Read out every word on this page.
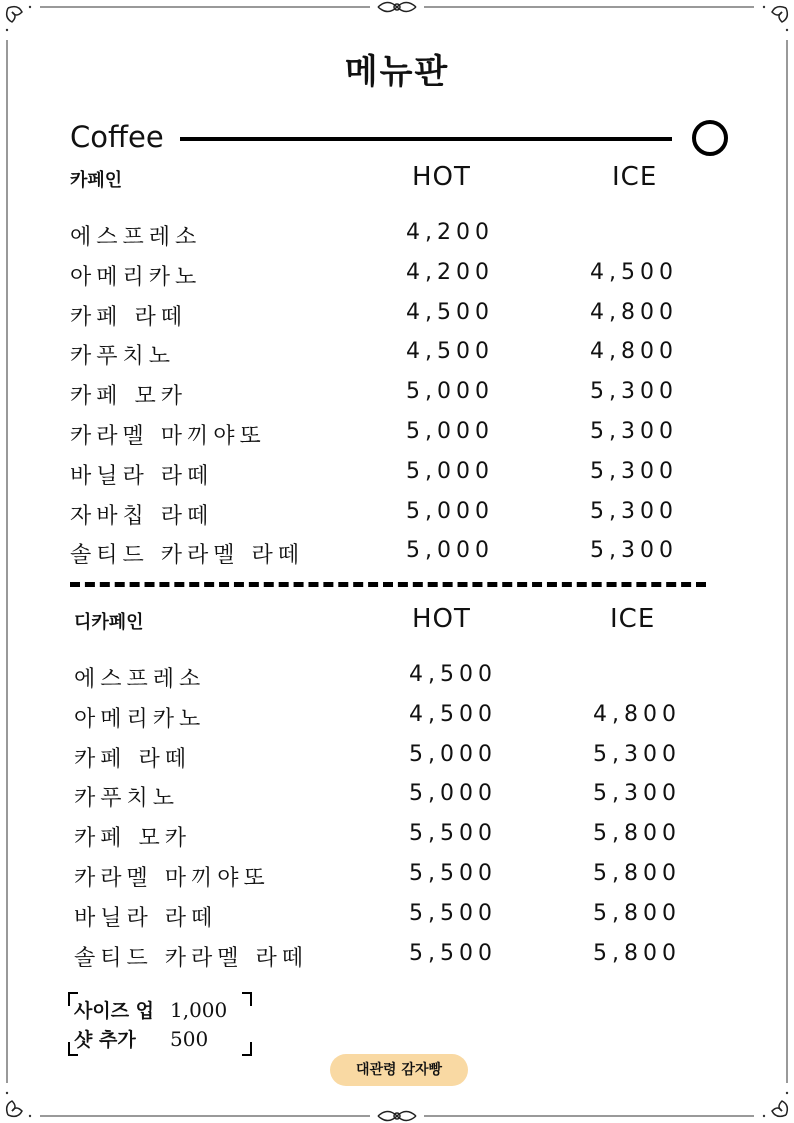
메뉴판
Coffee
카페인	HOT	ICE
에스프레소	4,200
아메리카노	4,200	4,500
카페 라떼	4,500	4,800
카푸치노	4,500	4,800
카페 모카	5,000	5,300
카라멜 마끼야또	5,000	5,300
바닐라 라떼	5,000	5,300
자바칩 라떼	5,000	5,300
솔티드 카라멜 라떼	5,000	5,300
디카페인	HOT	ICE
에스프레소	4,500
아메리카노	4,500	4,800
카페 라떼	5,000	5,300
카푸치노	5,000	5,300
카페 모카	5,500	5,800
카라멜 마끼야또	5,500	5,800
바닐라 라떼	5,500	5,800
솔티드 카라멜 라떼	5,500	5,800
사이즈 업 1,000
샷 추가 500
대관령 감자빵
